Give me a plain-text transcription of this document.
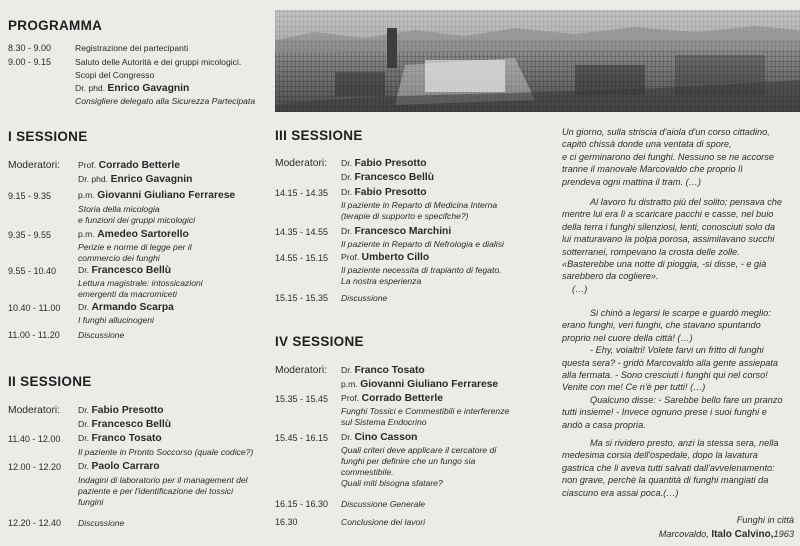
PROGRAMMA
8.30 - 9.00	Registrazione dei partecipanti
9.00 - 9.15	Saluto delle Autorità e dei gruppi micologici.
Scopi del Congresso
Dr. phd. Enrico Gavagnin
Consigliere delegato alla Sicurezza Partecipata
I SESSIONE
Moderatori: Prof. Corrado Betterle
Dr. phd. Enrico Gavagnin
9.15 - 9.35	p.m. Giovanni Giuliano Ferrarese
Storia della micologia
e funzioni dei gruppi micologici
9.35 - 9.55	p.m. Amedeo Sartorello
Perizie e norme di legge per il
commercio dei funghi
9.55 - 10.40	Dr. Francesco Bellù
Lettura magistrale: intossicazioni
emergenti da macromiceti
10.40 - 11.00 Dr. Armando Scarpa
I funghi allucinogeni
11.00 - 11.20 Discussione
II SESSIONE
Moderatori: Dr. Fabio Presotto
Dr. Francesco Bellù
11.40 - 12.00 Dr. Franco Tosato
Il paziente in Pronto Soccorso (quale codice?)
12.00 - 12.20 Dr. Paolo Carraro
Indagini di laboratorio per il management del
paziente e per l'identificazione dei tossici
fungini
12.20 - 12.40 Discussione
III SESSIONE
Moderatori: Dr. Fabio Presotto
Dr. Francesco Bellù
14.15 - 14.35 Dr. Fabio Presotto
Il paziente in Reparto di Medicina Interna
(terapie di supporto e specifche?)
14.35 - 14.55 Dr. Francesco Marchini
Il paziente in Reparto di Nefrologia e dialisi
14.55 - 15.15 Prof. Umberto Cillo
Il paziente necessita di trapianto di fegato.
La nostra esperienza
15.15 - 15.35 Discussione
IV SESSIONE
Moderatori: Dr. Franco Tosato
p.m. Giovanni Giuliano Ferrarese
15.35 - 15.45 Prof. Corrado Betterle
Funghi Tossici e Commestibili e interferenze
sul Sistema Endocrino
15.45 - 16.15 Dr. Cino Casson
Quali criteri deve applicare il cercatore di
funghi per definire che un fungo sia
commestibile.
Quali miti bisogna sfatare?
16.15 - 16.30 Discussione Generale
16.30	Conclusione dei lavori
Un giorno, sulla striscia d'aiola d'un corso cittadino,
capitò chissà donde una ventata di spore,
e ci germinarono dei funghi. Nessuno se ne accorse
tranne il manovale Marcovaldo che proprio lì
prendeva ogni mattina il tram. (…)
Al lavoro fu distratto più del solito; pensava che
mentre lui era lì a scaricare pacchi e casse, nel buio
della terra i funghi silenziosi, lenti, conosciuti solo da
lui maturavano la polpa porosa, assimilavano succhi
sotterranei, rompevano la crosta delle zolle.
«Basterebbe una notte di pioggia, -si disse, - e già
sarebbero da cogliere».
(…)
Si chinò a legarsi le scarpe e guardò meglio:
erano funghi, veri funghi, che stavano spuntando
proprio nel cuore della città! (…)
- Ehy, voialtri! Volete farvi un fritto di funghi
questa sera? - gridò Marcovaldo alla gente assiepata
alla fermata. - Sono cresciuti i funghi qui nel corso!
Venite con me! Ce n'è per tutti! (…)
Qualcuno disse: - Sarebbe bello fare un pranzo
tutti insieme! - Invece ognuno prese i suoi funghi e
andò a casa propria.
Ma si rividero presto, anzi la stessa sera, nella
medesima corsia dell'ospedale, dopo la lavatura
gastrica che li aveva tutti salvati dall'avvelenamento:
non grave, perchè la quantità di funghi mangiati da
ciascuno era assai poca.(…)
Funghi in città
Marcovaldo, Italo Calvino,1963
